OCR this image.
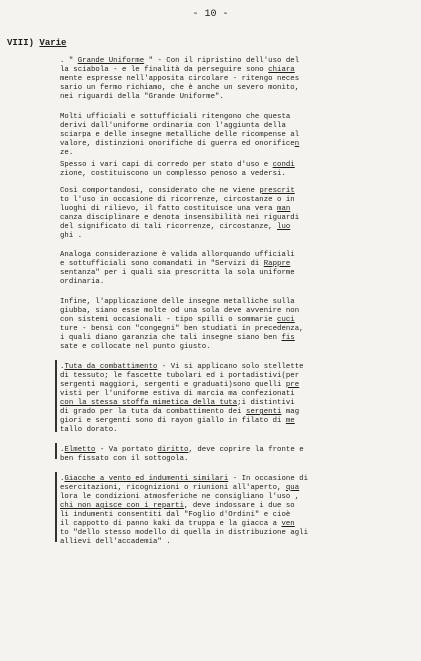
- 10 -
VIII) Varie
. " Grande Uniforme " - Con il ripristino dell'uso del
la sciabola - e le finalità da perseguire sono chiara
mente espresse nell'apposita circolare - ritengo neces
sario un fermo richiamo, che è anche un severo monito,
nei riguardi della "Grande Uniforme".
Molti ufficiali e sottufficiali ritengono che questa
derivi dall'uniforme ordinaria con l'aggiunta della
sciarpa e delle insegne metalliche delle ricompense al
valore, distinzioni onorifiche di guerra ed onorificen
ze.
Spesso i vari capi di corredo per stato d'uso e condi
zione, costituiscono un complesso penoso a vedersi.
Così comportandosi, considerato che ne viene prescrit
to l'uso in occasione di ricorrenze, circostanze o in
luoghi di rilievo, il fatto costituisce una vera man
canza disciplinare e denota insensibilità nei riguardi
del significato di tali ricorrenze, circostanze, luo
ghi .
Analoga considerazione è valida allorquando ufficiali
e sottufficiali sono comandati in "Servizi di Rappre
sentanza" per i quali sia prescritta la sola uniforme
ordinaria.
Infine, l'applicazione delle insegne metalliche sulla
giubba, siano esse molte od una sola deve avvenire non
con sistemi occasionali - tipo spilli o sommarie cuci
ture - bensì con "congegni" ben studiati in precedenza,
i quali diano garanzia che tali insegne siano ben fis
sate e collocate nel punto giusto.
.Tuta da combattimento - Vi si applicano solo stellette
di tessuto; le fascette tubolari ed i portadistivi(per
sergenti maggiori, sergenti e graduati)sono quelli pre
visti per l'uniforme estiva di marcia ma confezionati
con la stessa stoffa mimetica della tuta;i distintivi
di grado per la tuta da combattimento dei sergenti mag
giori e sergenti sono di rayon giallo in filato di me
tallo dorato.
.Elmetto - Va portato diritto, deve coprire la fronte e
ben fissato con il sottogola.
.Giacche a vento ed indumenti similari - In occasione di
esercitazioni, ricognizioni o riunioni all'aperto, qua
lora le condizioni atmosferiche ne consigliano l'uso ,
chi non agisce con i reparti, deve indossare i due so
li indumenti consentiti dal "Foglio d'Ordini" e cioè
il cappotto di panno kaki da truppa e la giacca a ven
to "dello stesso modello di quella in distribuzione agli
allievi dell'accademia" .
